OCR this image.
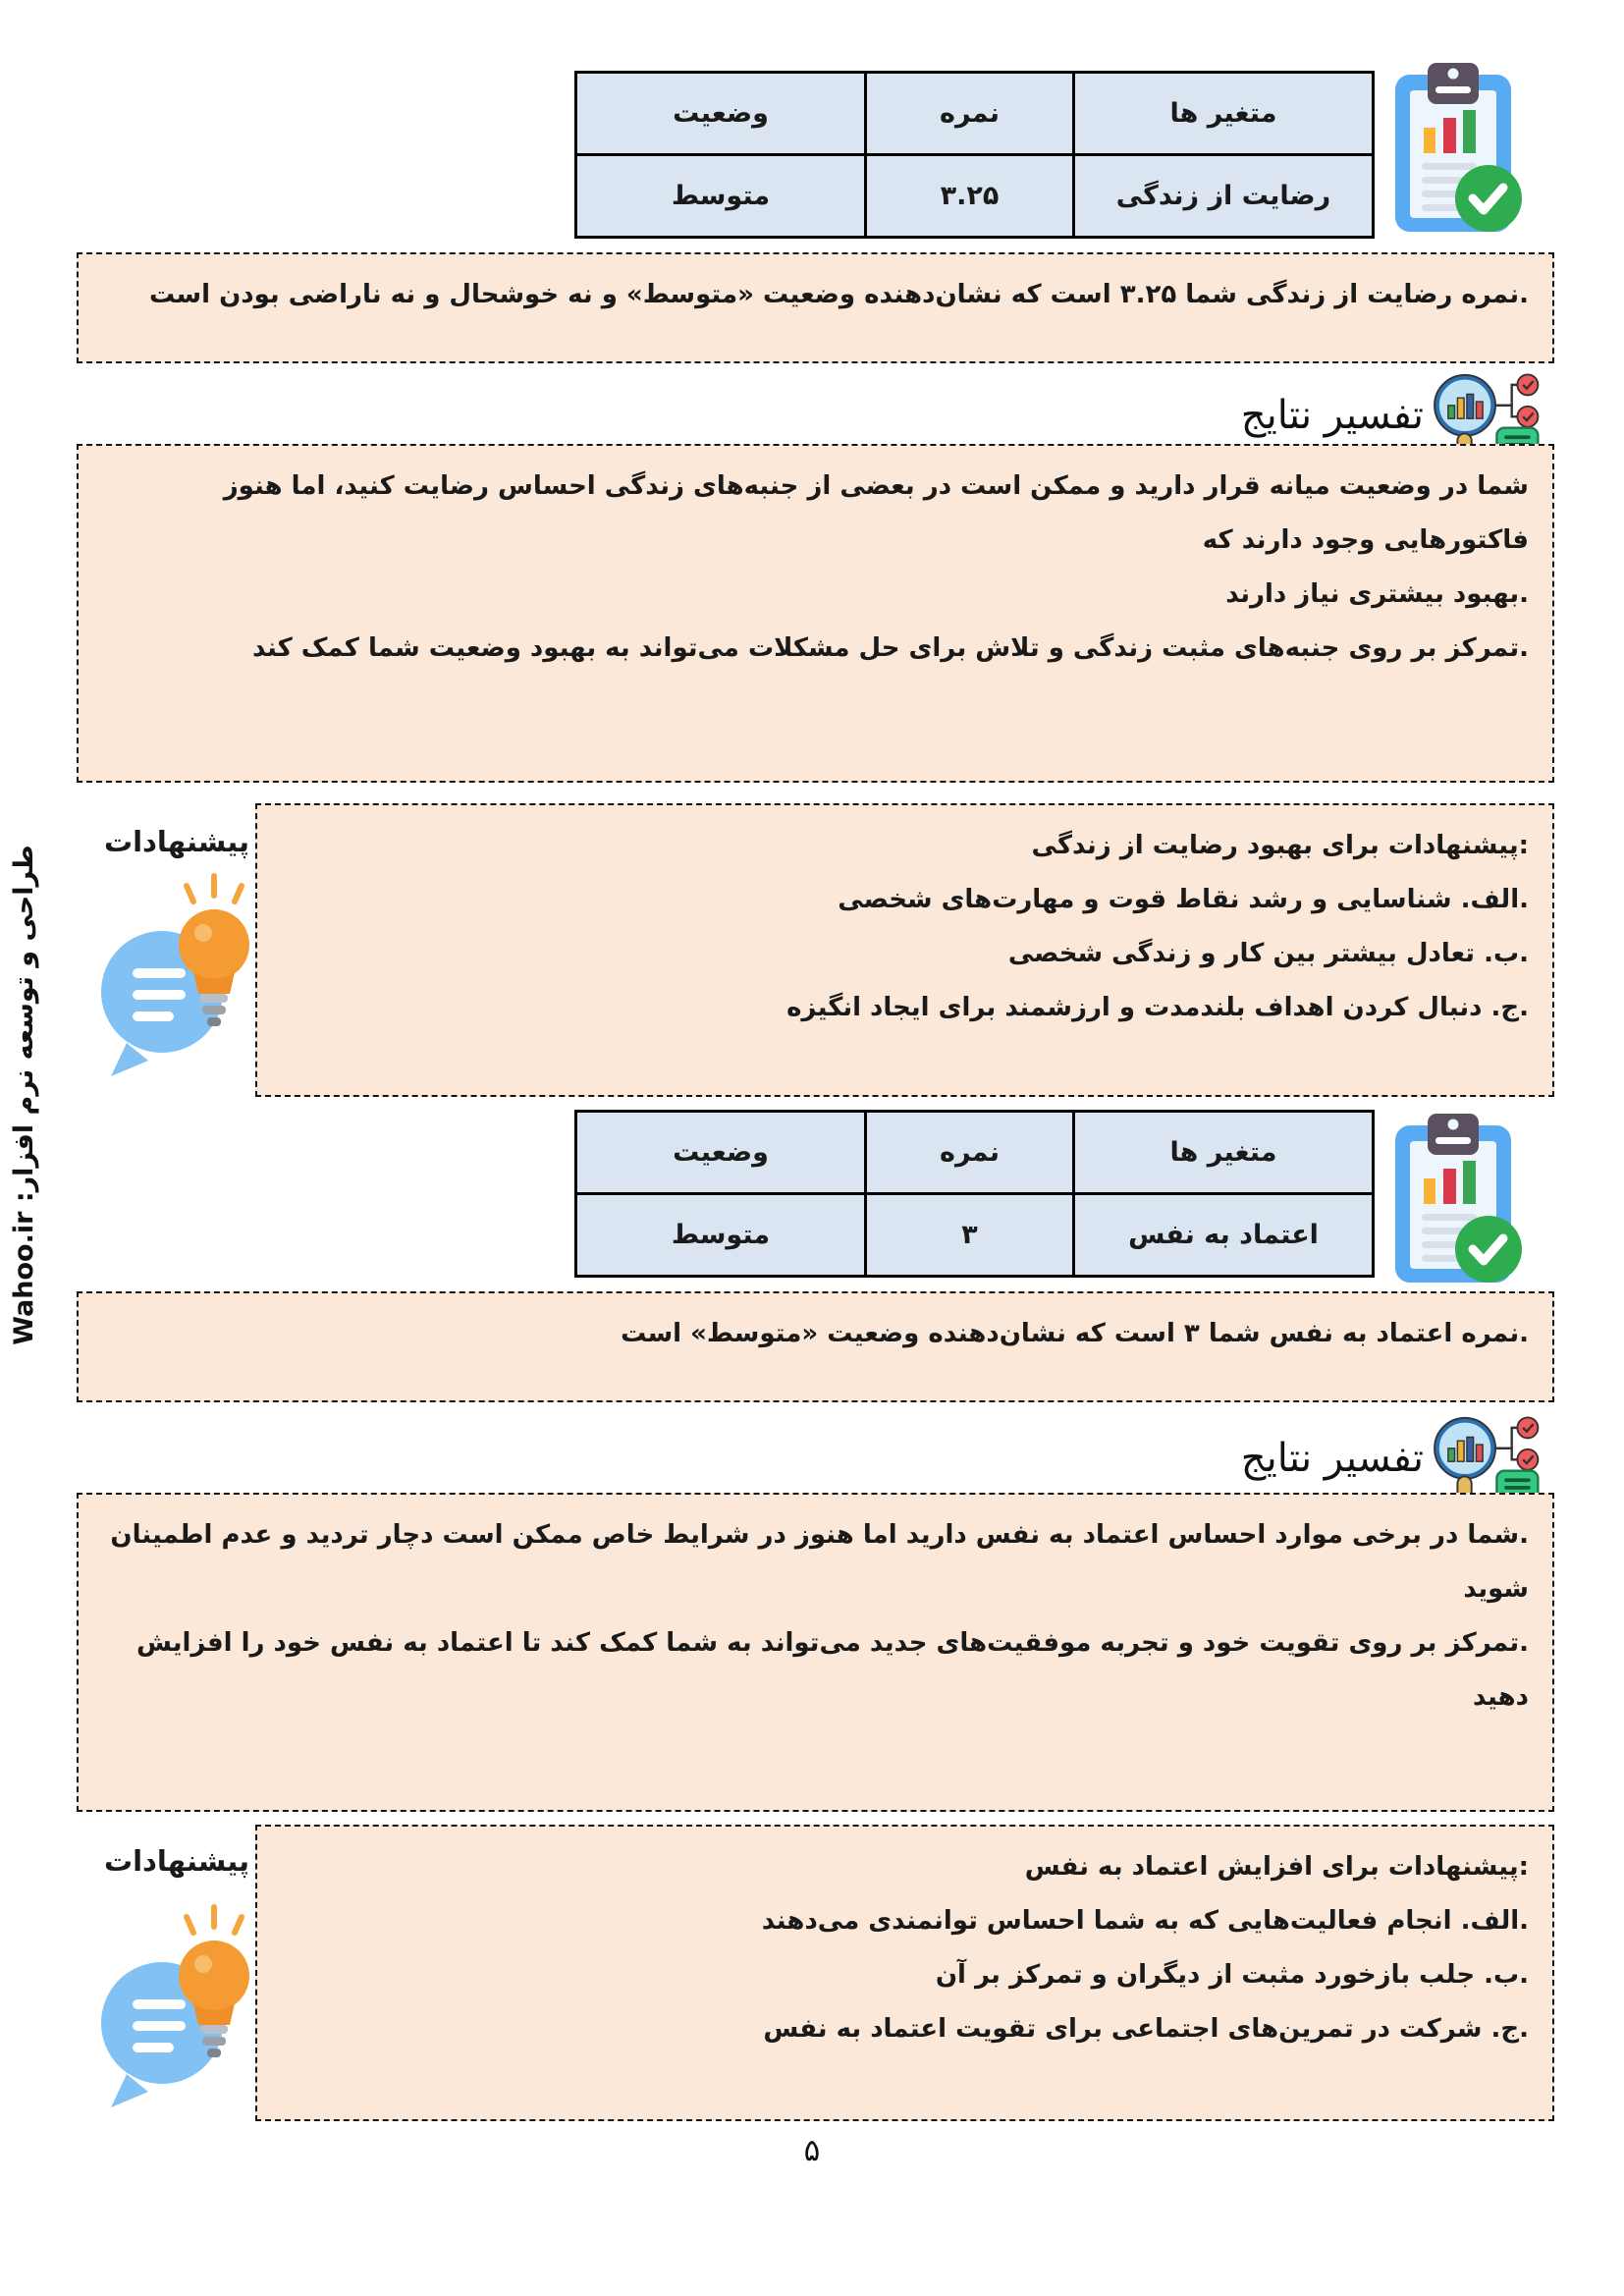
طراحی و توسعه نرم افزار: Wahoo.ir
متغیر ها	نمره	وضعیت
رضایت از زندگی	۳.۲۵	متوسط
.نمره رضایت از زندگی شما ۳.۲۵ است که نشان‌دهنده وضعیت «متوسط» و نه خوشحال و نه ناراضی بودن است
تفسیر نتایج
شما در وضعیت میانه قرار دارید و ممکن است در بعضی از جنبه‌های زندگی احساس رضایت کنید، اما هنوز فاکتورهایی وجود دارند که
.بهبود بیشتری نیاز دارند
.تمرکز بر روی جنبه‌های مثبت زندگی و تلاش برای حل مشکلات می‌تواند به بهبود وضعیت شما کمک کند
پیشنهادات	:پیشنهادات برای بهبود رضایت از زندگی
.الف. شناسایی و رشد نقاط قوت و مهارت‌های شخصی
.ب. تعادل بیشتر بین کار و زندگی شخصی
.ج. دنبال کردن اهداف بلندمدت و ارزشمند برای ایجاد انگیزه
متغیر ها	نمره	وضعیت
اعتماد به نفس	۳	متوسط
.نمره اعتماد به نفس شما ۳ است که نشان‌دهنده وضعیت «متوسط» است
تفسیر نتایج
.شما در برخی موارد احساس اعتماد به نفس دارید اما هنوز در شرایط خاص ممکن است دچار تردید و عدم اطمینان شوید
.تمرکز بر روی تقویت خود و تجربه موفقیت‌های جدید می‌تواند به شما کمک کند تا اعتماد به نفس خود را افزایش دهید
پیشنهادات	:پیشنهادات برای افزایش اعتماد به نفس
.الف. انجام فعالیت‌هایی که به شما احساس توانمندی می‌دهند
.ب. جلب بازخورد مثبت از دیگران و تمرکز بر آن
.ج. شرکت در تمرین‌های اجتماعی برای تقویت اعتماد به نفس
۵
